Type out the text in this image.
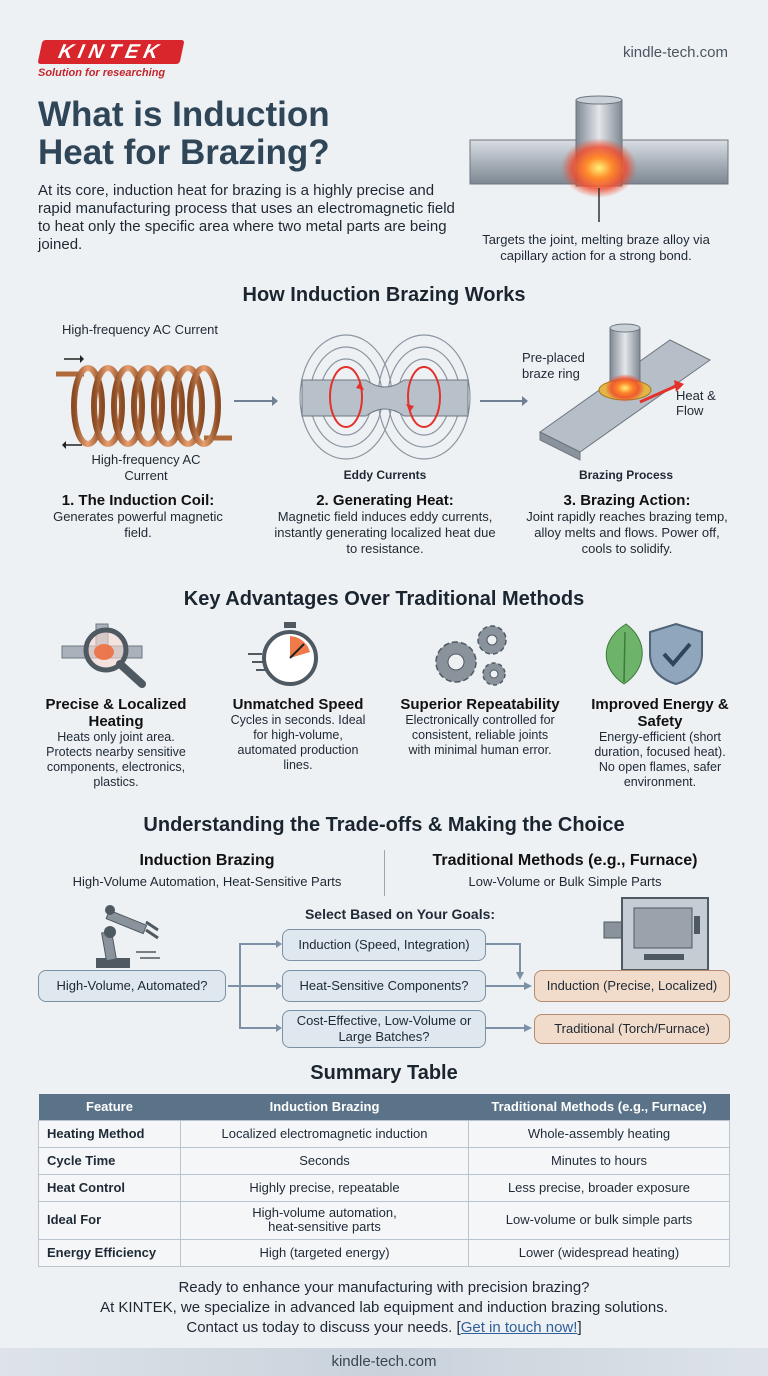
KINTEK
Solution for researching
kindle-tech.com
What is Induction
Heat for Brazing?
At its core, induction heat for brazing is a highly precise and rapid manufacturing process that uses an electromagnetic field to heat only the specific area where two metal parts are being joined.	Targets the joint, melting braze alloy via capillary action for a strong bond.
How Induction Brazing Works
High-frequency AC Current
High-frequency AC Current	Eddy Currents
Pre-placed braze ring
Heat & Flow
Brazing Process
1. The Induction Coil:
Generates powerful magnetic field.
2. Generating Heat:
Magnetic field induces eddy currents, instantly generating localized heat due to resistance.
3. Brazing Action:
Joint rapidly reaches brazing temp, alloy melts and flows. Power off, cools to solidify.
Key Advantages Over Traditional Methods
Precise & Localized Heating
Heats only joint area. Protects nearby sensitive components, electronics, plastics.
Unmatched Speed
Cycles in seconds. Ideal for high-volume, automated production lines.
Superior Repeatability
Electronically controlled for consistent, reliable joints with minimal human error.
Improved Energy & Safety
Energy-efficient (short duration, focused heat). No open flames, safer environment.
Understanding the Trade-offs & Making the Choice
Induction Brazing
High-Volume Automation, Heat-Sensitive Parts
Traditional Methods (e.g., Furnace)
Low-Volume or Bulk Simple Parts
Select Based on Your Goals:
High-Volume, Automated?
Induction (Speed, Integration)
Heat-Sensitive Components?
Cost-Effective, Low-Volume or Large Batches?
Induction (Precise, Localized)
Traditional (Torch/Furnace)
Summary Table
Feature	Induction Brazing	Traditional Methods (e.g., Furnace)
Heating Method	Localized electromagnetic induction	Whole-assembly heating
Cycle Time	Seconds	Minutes to hours
Heat Control	Highly precise, repeatable	Less precise, broader exposure
Ideal For	High-volume automation, heat-sensitive parts	Low-volume or bulk simple parts
Energy Efficiency	High (targeted energy)	Lower (widespread heating)
Ready to enhance your manufacturing with precision brazing?
At KINTEK, we specialize in advanced lab equipment and induction brazing solutions.
Contact us today to discuss your needs. [Get in touch now!]
kindle-tech.com
